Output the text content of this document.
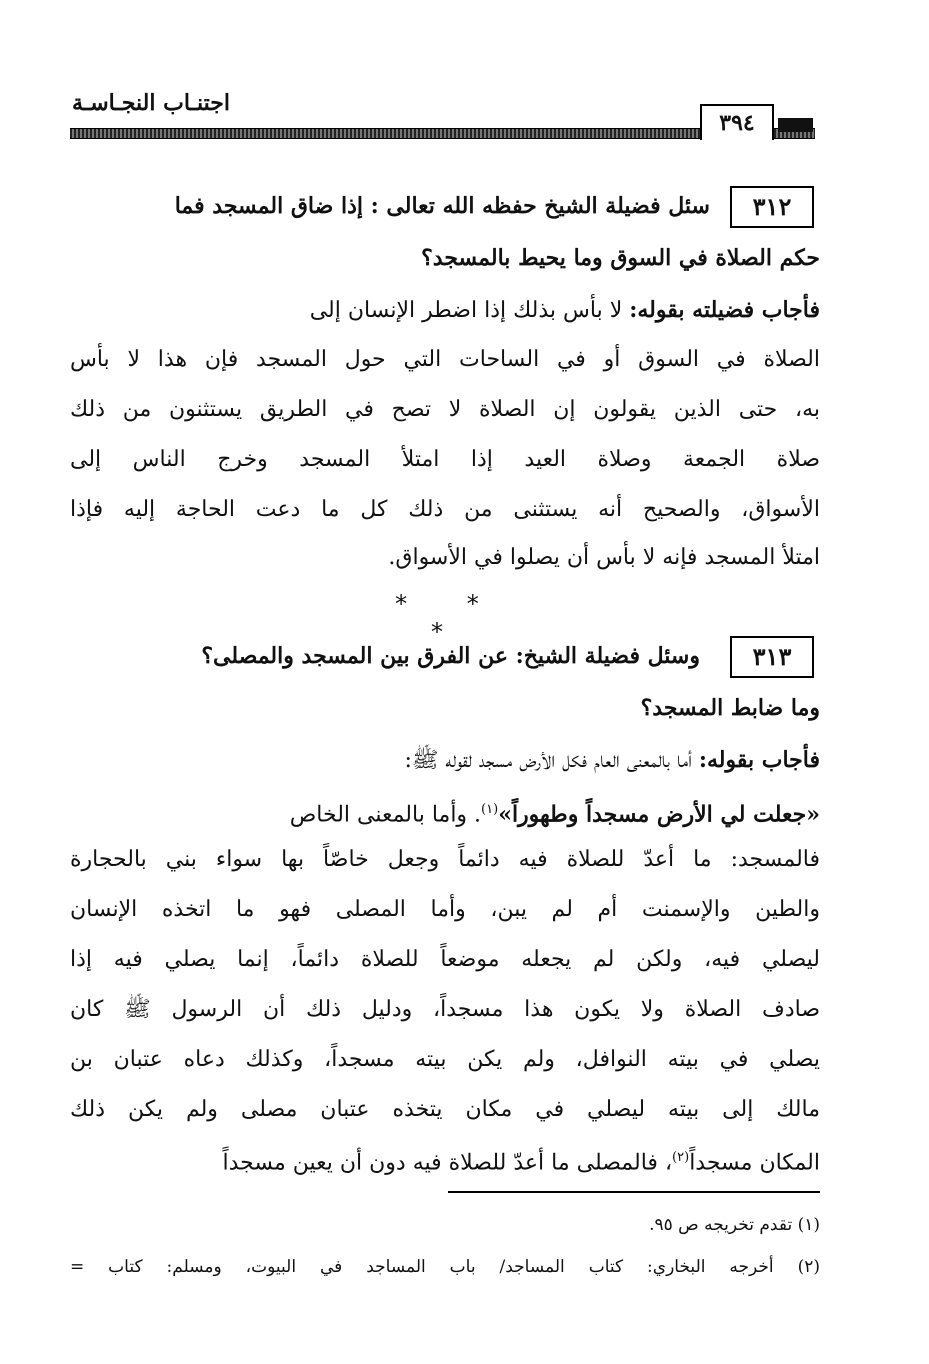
اجتنـاب النجـاسـة
٣٩٤
٣١٢
سئل فضيلة الشيخ حفظه الله تعالى : إذا ضاق المسجد فما
حكم الصلاة في السوق وما يحيط بالمسجد؟
فأجاب فضيلته بقوله: لا بأس بذلك إذا اضطر الإنسان إلى
الصلاة في السوق أو في الساحات التي حول المسجد فإن هذا لا بأس
به، حتى الذين يقولون إن الصلاة لا تصح في الطريق يستثنون من ذلك
صلاة الجمعة وصلاة العيد إذا امتلأ المسجد وخرج الناس إلى
الأسواق، والصحيح أنه يستثنى من ذلك كل ما دعت الحاجة إليه فإذا
امتلأ المسجد فإنه لا بأس أن يصلوا في الأسواق.
* * *
٣١٣
وسئل فضيلة الشيخ: عن الفرق بين المسجد والمصلى؟
وما ضابط المسجد؟
فأجاب بقوله: أما بالمعنى العام فكل الأرض مسجد لقوله ﷺ:
«جعلت لي الأرض مسجداً وطهوراً»$^{(١)}$. وأما بالمعنى الخاص
فالمسجد: ما أعدّ للصلاة فيه دائماً وجعل خاصّاً بها سواء بني بالحجارة
والطين والإسمنت أم لم يبن، وأما المصلى فهو ما اتخذه الإنسان
ليصلي فيه، ولكن لم يجعله موضعاً للصلاة دائماً، إنما يصلي فيه إذا
صادف الصلاة ولا يكون هذا مسجداً، ودليل ذلك أن الرسول ﷺ كان
يصلي في بيته النوافل، ولم يكن بيته مسجداً، وكذلك دعاه عتبان بن
مالك إلى بيته ليصلي في مكان يتخذه عتبان مصلى ولم يكن ذلك
المكان مسجداً$^{(٢)}$، فالمصلى ما أعدّ للصلاة فيه دون أن يعين مسجداً
(١) تقدم تخريجه ص ٩٥.
(٢) أخرجه البخاري: كتاب المساجد/ باب المساجد في البيوت، ومسلم: كتاب =
